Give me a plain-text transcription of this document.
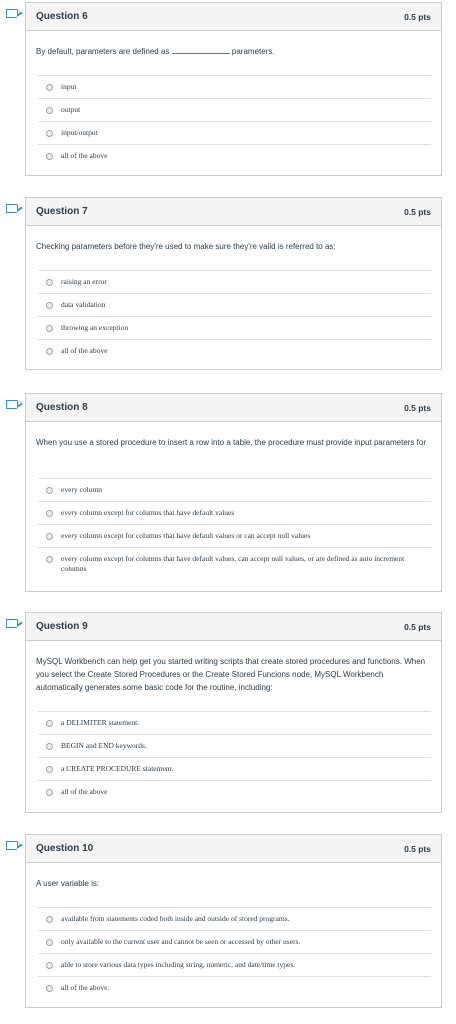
Question 6	0.5 pts
By default, parameters are defined as	parameters.
input
output
input/output
all of the above
Question 7	0.5 pts
Checking parameters before they're used to make sure they're valid is referred to as:
raising an error
data validation
throwing an exception
all of the above
Question 8	0.5 pts
When you use a stored procedure to insert a row into a table, the procedure must provide input parameters for
every column
every column except for columns that have default values
every column except for columns that have default values or can accept null values
every column except for columns that have default values, can accept null values, or are defined as auto increment columns
Question 9	0.5 pts
MySQL Workbench can help get you started writing scripts that create stored procedures and functions. When you select the Create Stored Procedures or the Create Stored Funcions node, MySQL Workbench automatically generates some basic code for the routine, including:
a DELIMITER statement.
BEGIN and END keywords.
a CREATE PROCEDURE statement.
all of the above
Question 10	0.5 pts
A user variable is:
available from statements coded both inside and outside of stored programs.
only available to the current user and cannot be seen or accessed by other users.
able to store various data types including string, numeric, and date/time types.
all of the above.
